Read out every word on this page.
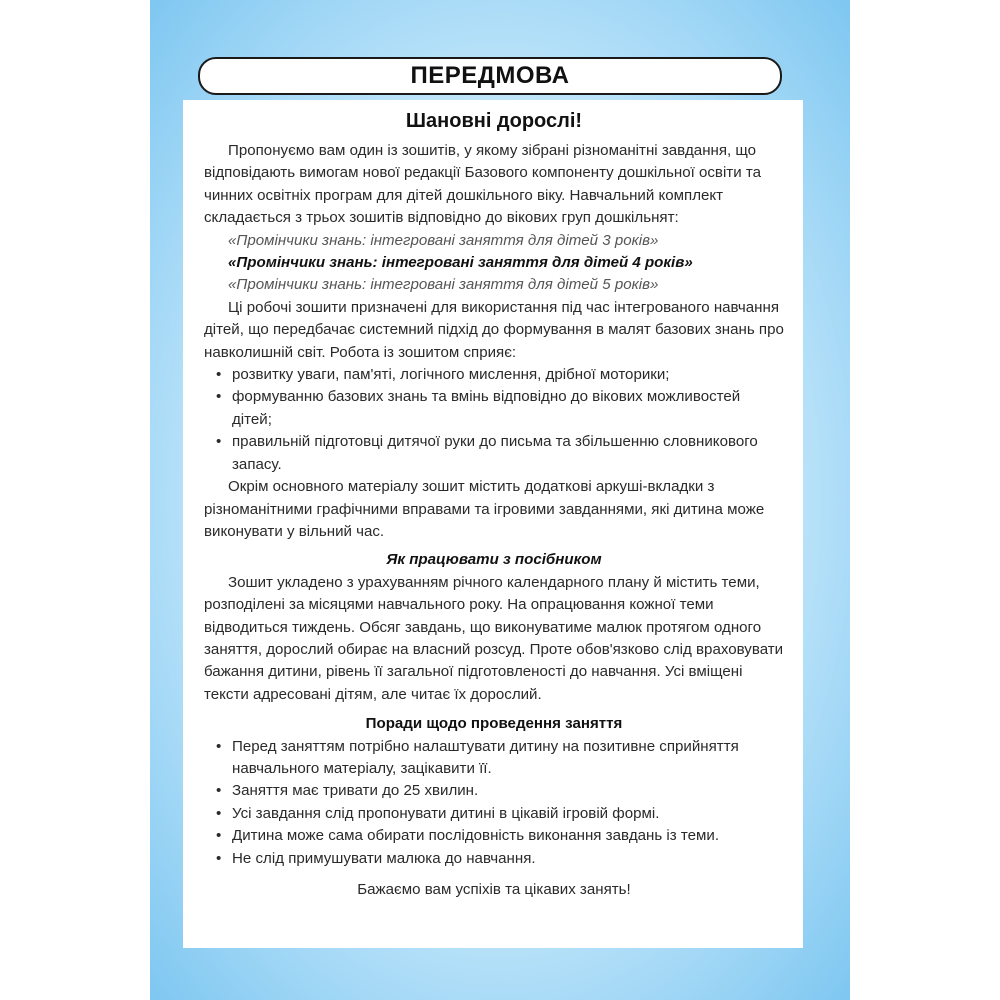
ПЕРЕДМОВА

Шановні дорослі!

Пропонуємо вам один із зошитів, у якому зібрані різноманітні завдання, що відповідають вимогам нової редакції Базового компоненту дошкільної освіти та чинних освітніх програм для дітей дошкільного віку. Навчальний комплект складається з трьох зошитів відповідно до вікових груп дошкільнят:

«Промінчики знань: інтегровані заняття для дітей 3 років»

«Промінчики знань: інтегровані заняття для дітей 4 років»

«Промінчики знань: інтегровані заняття для дітей 5 років»

Ці робочі зошити призначені для використання під час інтегрованого навчання дітей, що передбачає системний підхід до формування в малят базових знань про навколишній світ. Робота із зошитом сприяє:

• розвитку уваги, пам'яті, логічного мислення, дрібної моторики;
• формуванню базових знань та вмінь відповідно до вікових можливостей дітей;
• правильній підготовці дитячої руки до письма та збільшенню словникового запасу.

Окрім основного матеріалу зошит містить додаткові аркуші-вкладки з різноманітними графічними вправами та ігровими завданнями, які дитина може виконувати у вільний час.

Як працювати з посібником

Зошит укладено з урахуванням річного календарного плану й містить теми, розподілені за місяцями навчального року. На опрацювання кожної теми відводиться тиждень. Обсяг завдань, що виконуватиме малюк протягом одного заняття, дорослий обирає на власний розсуд. Проте обов'язково слід враховувати бажання дитини, рівень її загальної підготовленості до навчання. Усі вміщені тексти адресовані дітям, але читає їх дорослий.

Поради щодо проведення заняття

• Перед заняттям потрібно налаштувати дитину на позитивне сприйняття навчального матеріалу, зацікавити її.
• Заняття має тривати до 25 хвилин.
• Усі завдання слід пропонувати дитині в цікавій ігровій формі.
• Дитина може сама обирати послідовність виконання завдань із теми.
• Не слід примушувати малюка до навчання.

Бажаємо вам успіхів та цікавих занять!
